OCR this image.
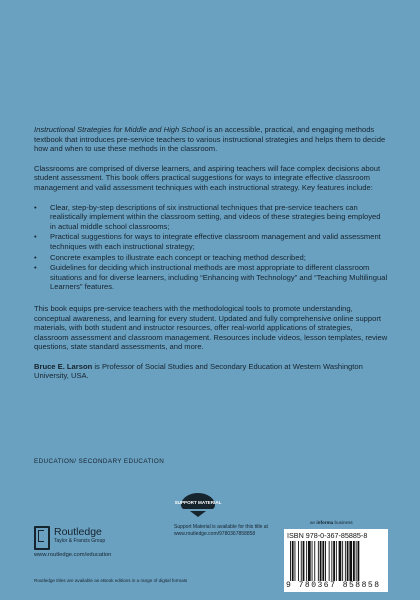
Instructional Strategies for Middle and High School is an accessible, practical, and engaging methods textbook that introduces pre-service teachers to various instructional strategies and helps them to decide how and when to use these methods in the classroom.

Classrooms are comprised of diverse learners, and aspiring teachers will face complex decisions about student assessment. This book offers practical suggestions for ways to integrate effective classroom management and valid assessment techniques with each instructional strategy. Key features include:

• Clear, step-by-step descriptions of six instructional techniques that pre-service teachers can realistically implement within the classroom setting, and videos of these strategies being employed in actual middle school classrooms;
• Practical suggestions for ways to integrate effective classroom management and valid assessment techniques with each instructional strategy;
• Concrete examples to illustrate each concept or teaching method described;
• Guidelines for deciding which instructional methods are most appropriate to different classroom situations and for diverse learners, including “Enhancing with Technology” and “Teaching Multilingual Learners” features.

This book equips pre-service teachers with the methodological tools to promote understanding, conceptual awareness, and learning for every student. Updated and fully comprehensive online support materials, with both student and instructor resources, offer real-world applications of strategies, classroom assessment and classroom management. Resources include videos, lesson templates, review questions, state standard assessments, and more.

Bruce E. Larson is Professor of Social Studies and Secondary Education at Western Washington University, USA.

EDUCATION/ SECONDARY EDUCATION
SUPPORT MATERIAL
Support Material is available for this title at
www.routledge.com/9780367858858
Routledge
Taylor & Francis Group
www.routledge.com/education
an informa business
ISBN 978-0-367-85885-8
9 780367 858858
Routledge titles are available as eBook editions in a range of digital formats
